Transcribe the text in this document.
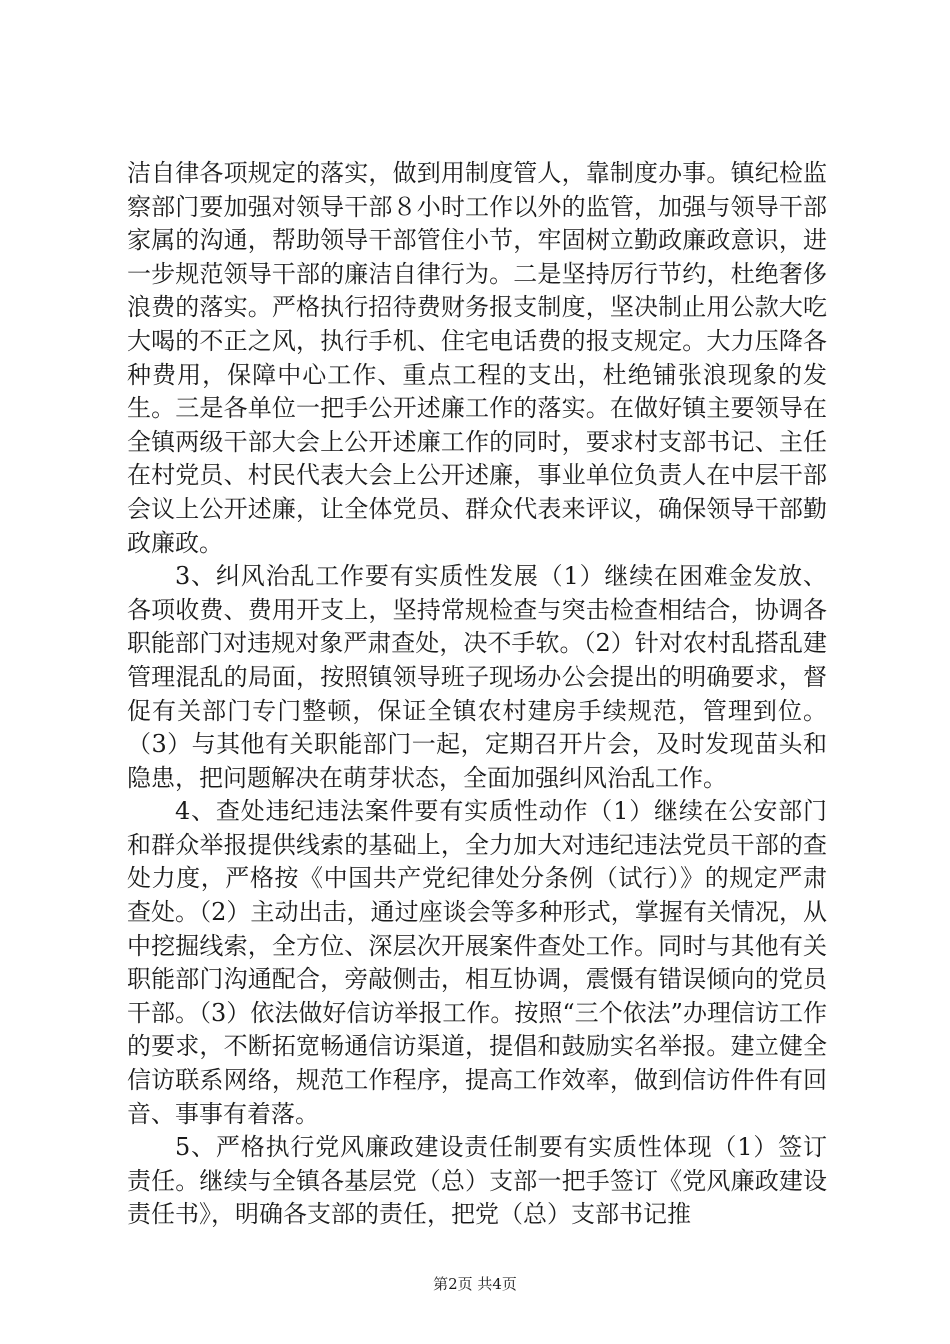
洁自律各项规定的落实，做到用制度管人，靠制度办事。镇纪检监察部门要加强对领导干部８小时工作以外的监管，加强与领导干部家属的沟通，帮助领导干部管住小节，牢固树立勤政廉政意识，进一步规范领导干部的廉洁自律行为。二是坚持厉行节约，杜绝奢侈浪费的落实。严格执行招待费财务报支制度，坚决制止用公款大吃大喝的不正之风，执行手机、住宅电话费的报支规定。大力压降各种费用，保障中心工作、重点工程的支出，杜绝铺张浪现象的发生。三是各单位一把手公开述廉工作的落实。在做好镇主要领导在全镇两级干部大会上公开述廉工作的同时，要求村支部书记、主任在村党员、村民代表大会上公开述廉，事业单位负责人在中层干部会议上公开述廉，让全体党员、群众代表来评议，确保领导干部勤政廉政。

3、纠风治乱工作要有实质性发展（1）继续在困难金发放、各项收费、费用开支上，坚持常规检查与突击检查相结合，协调各职能部门对违规对象严肃查处，决不手软。（2）针对农村乱搭乱建管理混乱的局面，按照镇领导班子现场办公会提出的明确要求，督促有关部门专门整顿，保证全镇农村建房手续规范，管理到位。（3）与其他有关职能部门一起，定期召开片会，及时发现苗头和隐患，把问题解决在萌芽状态，全面加强纠风治乱工作。

4、查处违纪违法案件要有实质性动作（1）继续在公安部门和群众举报提供线索的基础上，全力加大对违纪违法党员干部的查处力度，严格按《中国共产党纪律处分条例（试行）》的规定严肃查处。（2）主动出击，通过座谈会等多种形式，掌握有关情况，从中挖掘线索，全方位、深层次开展案件查处工作。同时与其他有关职能部门沟通配合，旁敲侧击，相互协调，震慑有错误倾向的党员干部。（3）依法做好信访举报工作。按照“三个依法”办理信访工作的要求，不断拓宽畅通信访渠道，提倡和鼓励实名举报。建立健全信访联系网络，规范工作程序，提高工作效率，做到信访件件有回音、事事有着落。

5、严格执行党风廉政建设责任制要有实质性体现（1）签订责任。继续与全镇各基层党（总）支部一把手签订《党风廉政建设责任书》，明确各支部的责任，把党（总）支部书记推

第2页 共4页
